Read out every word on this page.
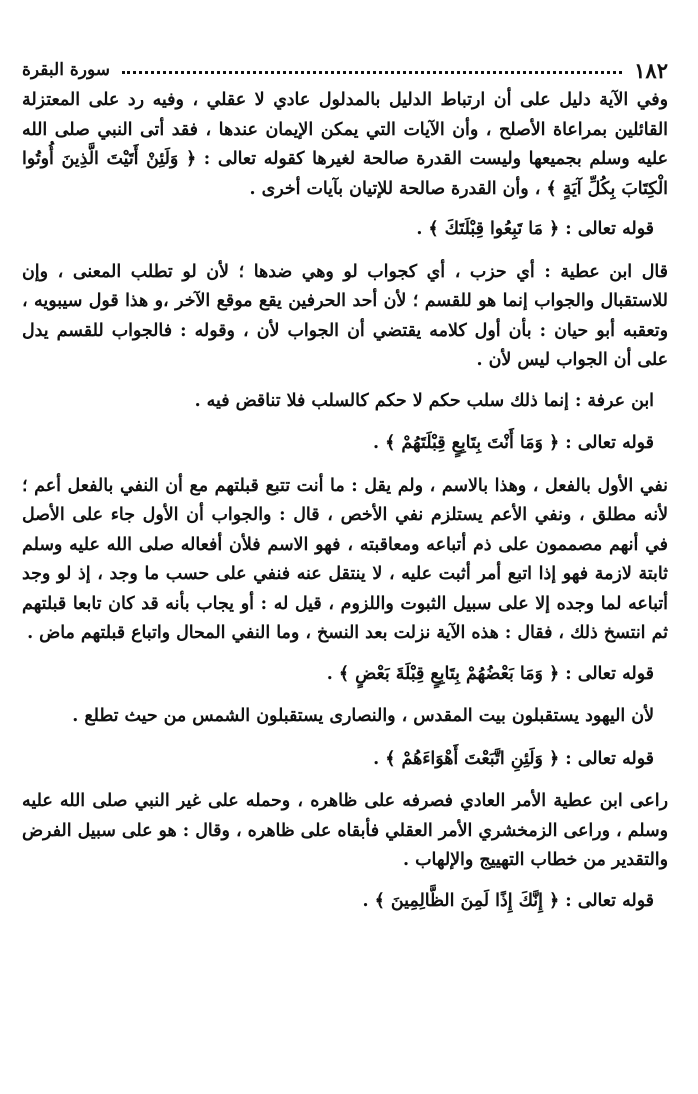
١٨٢
سورة البقرة

وفي الآية دليل على أن ارتباط الدليل بالمدلول عادي لا عقلي ، وفيه رد على المعتزلة القائلين بمراعاة الأصلح ، وأن الآيات التي يمكن الإيمان عندها ، فقد أتى النبي صلى الله عليه وسلم بجميعها وليست القدرة صالحة لغيرها كقوله تعالى : ﴿ وَلَئِنْ أَتَيْتَ الَّذِينَ أُوتُوا الْكِتَابَ بِكُلِّ آيَةٍ ﴾ ، وأن القدرة صالحة للإتيان بآيات أخرى .

قوله تعالى : ﴿ مَا تَبِعُوا قِبْلَتَكَ ﴾ .

قال ابن عطية : أي حزب ، أي كجواب لو وهي ضدها ؛ لأن لو تطلب المعنى ، وإن للاستقبال والجواب إنما هو للقسم ؛ لأن أحد الحرفين يقع موقع الآخر ،و هذا قول سيبويه ، وتعقبه أبو حيان : بأن أول كلامه يقتضي أن الجواب لأن ، وقوله : فالجواب للقسم يدل على أن الجواب ليس لأن .

ابن عرفة : إنما ذلك سلب حكم لا حكم كالسلب فلا تناقض فيه .

قوله تعالى : ﴿ وَمَا أَنْتَ بِتَابِعٍ قِبْلَتَهُمْ ﴾ .

نفي الأول بالفعل ، وهذا بالاسم ، ولم يقل : ما أنت تتبع قبلتهم مع أن النفي بالفعل أعم ؛ لأنه مطلق ، ونفي الأعم يستلزم نفي الأخص ، قال : والجواب أن الأول جاء على الأصل في أنهم مصممون على ذم أتباعه ومعاقبته ، فهو الاسم فلأن أفعاله صلى الله عليه وسلم ثابتة لازمة فهو إذا اتبع أمر أثبت عليه ، لا ينتقل عنه فنفي على حسب ما وجد ، إذ لو وجد أتباعه لما وجده إلا على سبيل الثبوت واللزوم ، قيل له : أو يجاب بأنه قد كان تابعا قبلتهم ثم انتسخ ذلك ، فقال : هذه الآية نزلت بعد النسخ ، وما النفي المحال واتباع قبلتهم ماض .

قوله تعالى : ﴿ وَمَا بَعْضُهُمْ بِتَابِعٍ قِبْلَةَ بَعْضٍ ﴾ .

لأن اليهود يستقبلون بيت المقدس ، والنصارى يستقبلون الشمس من حيث تطلع .

قوله تعالى : ﴿ وَلَئِنِ اتَّبَعْتَ أَهْوَاءَهُمْ ﴾ .

راعى ابن عطية الأمر العادي فصرفه على ظاهره ، وحمله على غير النبي صلى الله عليه وسلم ، وراعى الزمخشري الأمر العقلي فأبقاه على ظاهره ، وقال : هو على سبيل الفرض والتقدير من خطاب التهييج والإلهاب .

قوله تعالى : ﴿ إِنَّكَ إِذًا لَمِنَ الظَّالِمِينَ ﴾ .
